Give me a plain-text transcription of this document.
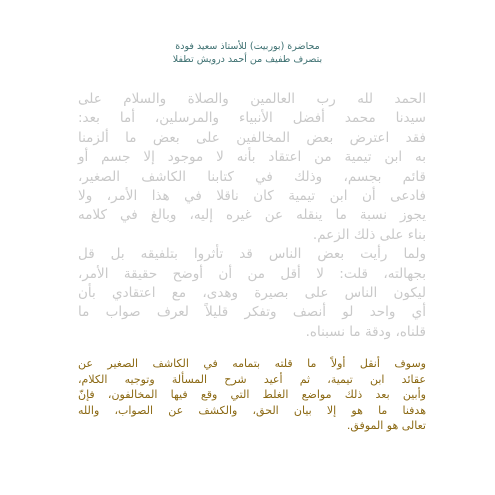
محاضرة (بوربيت) للأستاذ سعيد فودة
بتصرف طفيف من أحمد درويش تطفلا
الحمد لله رب العالمين والصلاة والسلام على
سيدنا محمد أفضل الأنبياء والمرسلين، أما بعد:
فقد اعترض بعض المخالفين على بعض ما ألزمنا
به ابن تيمية من اعتقاد بأنه لا موجود إلا جسم أو
قائم بجسم، وذلك في كتابنا الكاشف الصغير،
فادعى أن ابن تيمية كان ناقلا في هذا الأمر، ولا
يجوز نسبة ما ينقله عن غيره إليه، وبالغ في كلامه
بناء على ذلك الزعم.
ولما رأيت بعض الناس قد تأثروا بتلفيقه بل قل
بجهالته، قلت: لا أقل من أن أوضح حقيقة الأمر،
ليكون الناس على بصيرة وهدى، مع اعتقادي بأن
أي واحد لو أنصف وتفكر قليلاً لعرف صواب ما
قلناه، ودقة ما نسبناه.
وسوف أنقل أولاً ما قلته بتمامه في الكاشف الصغير عن
عقائد ابن تيمية، ثم أعيد شرح المسألة وتوجيه الكلام،
وأبين بعد ذلك مواضع الغلط التي وقع فيها المخالفون، فإنّ
هدفنا ما هو إلا بيان الحق، والكشف عن الصواب، والله
تعالى هو الموفق.
